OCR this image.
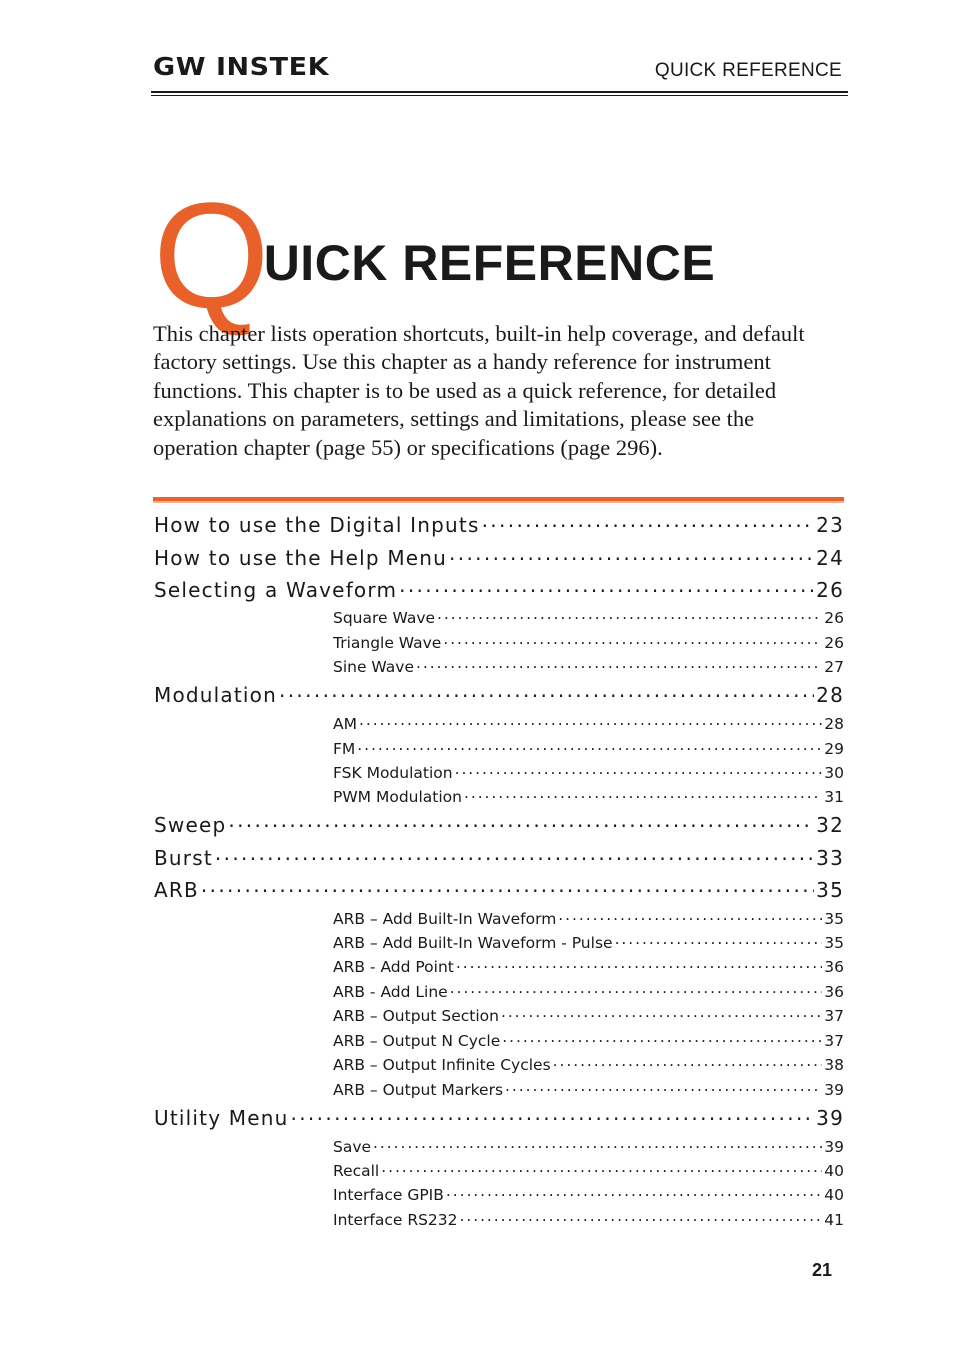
GW INSTEK	QUICK REFERENCE
Q
UICK REFERENCE

This chapter lists operation shortcuts, built-in help coverage, and default factory settings. Use this chapter as a handy reference for instrument functions. This chapter is to be used as a quick reference, for detailed explanations on parameters, settings and limitations, please see the operation chapter (page 55) or specifications (page 296).

How to use the Digital Inputs . . .	23
How to use the Help Menu . . .	24
Selecting a Waveform . . .	26
Square Wave . . .	26
Triangle Wave . . .	26
Sine Wave . . .	27
Modulation . . .	28
AM . . .	28
FM . . .	29
FSK Modulation . . .	30
PWM Modulation . . .	31
Sweep . . .	32
Burst . . .	33
ARB . . .	35
ARB – Add Built-In Waveform . . .	35
ARB – Add Built-In Waveform - Pulse . . .	35
ARB - Add Point . . .	36
ARB - Add Line . . .	36
ARB – Output Section . . .	37
ARB – Output N Cycle . . .	37
ARB – Output Infinite Cycles . . .	38
ARB – Output Markers . . .	39
Utility Menu . . .	39
Save . . .	39
Recall . . .	40
Interface GPIB . . .	40
Interface RS232 . . .	41
21
